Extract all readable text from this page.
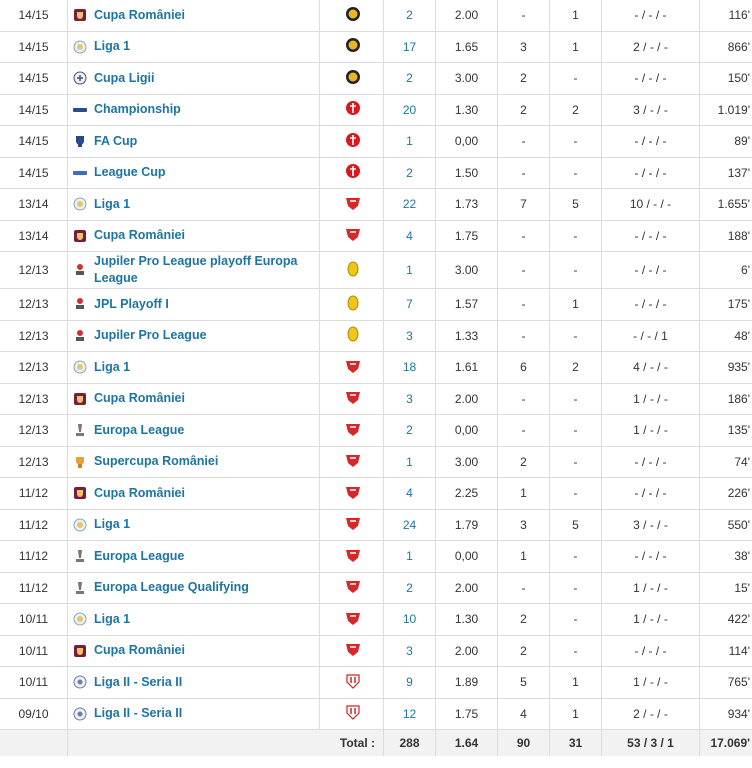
14/15	Cupa României		2	2.00	-	1	- / - / -	116'
14/15	Liga 1		17	1.65	3	1	2 / - / -	866'
14/15	Cupa Ligii		2	3.00	2	-	- / - / -	150'
14/15	Championship		20	1.30	2	2	3 / - / -	1.019'
14/15	FA Cup		1	0,00	-	-	- / - / -	89'
14/15	League Cup		2	1.50	-	-	- / - / -	137'
13/14	Liga 1		22	1.73	7	5	10 / - / -	1.655'
13/14	Cupa României		4	1.75	-	-	- / - / -	188'
12/13	Jupiler Pro League playoff Europa League		1	3.00	-	-	- / - / -	6'
12/13	JPL Playoff I		7	1.57	-	1	- / - / -	175'
12/13	Jupiler Pro League		3	1.33	-	-	- / - / 1	48'
12/13	Liga 1		18	1.61	6	2	4 / - / -	935'
12/13	Cupa României		3	2.00	-	-	1 / - / -	186'
12/13	Europa League		2	0,00	-	-	1 / - / -	135'
12/13	Supercupa României		1	3.00	2	-	- / - / -	74'
11/12	Cupa României		4	2.25	1	-	- / - / -	226'
11/12	Liga 1		24	1.79	3	5	3 / - / -	550'
11/12	Europa League		1	0,00	1	-	- / - / -	38'
11/12	Europa League Qualifying		2	2.00	-	-	1 / - / -	15'
10/11	Liga 1		10	1.30	2	-	1 / - / -	422'
10/11	Cupa României		3	2.00	2	-	- / - / -	114'
10/11	Liga II - Seria II		9	1.89	5	1	1 / - / -	765'
09/10	Liga II - Seria II		12	1.75	4	1	2 / - / -	934'
	Total :		288	1.64	90	31	53 / 3 / 1	17.069'
